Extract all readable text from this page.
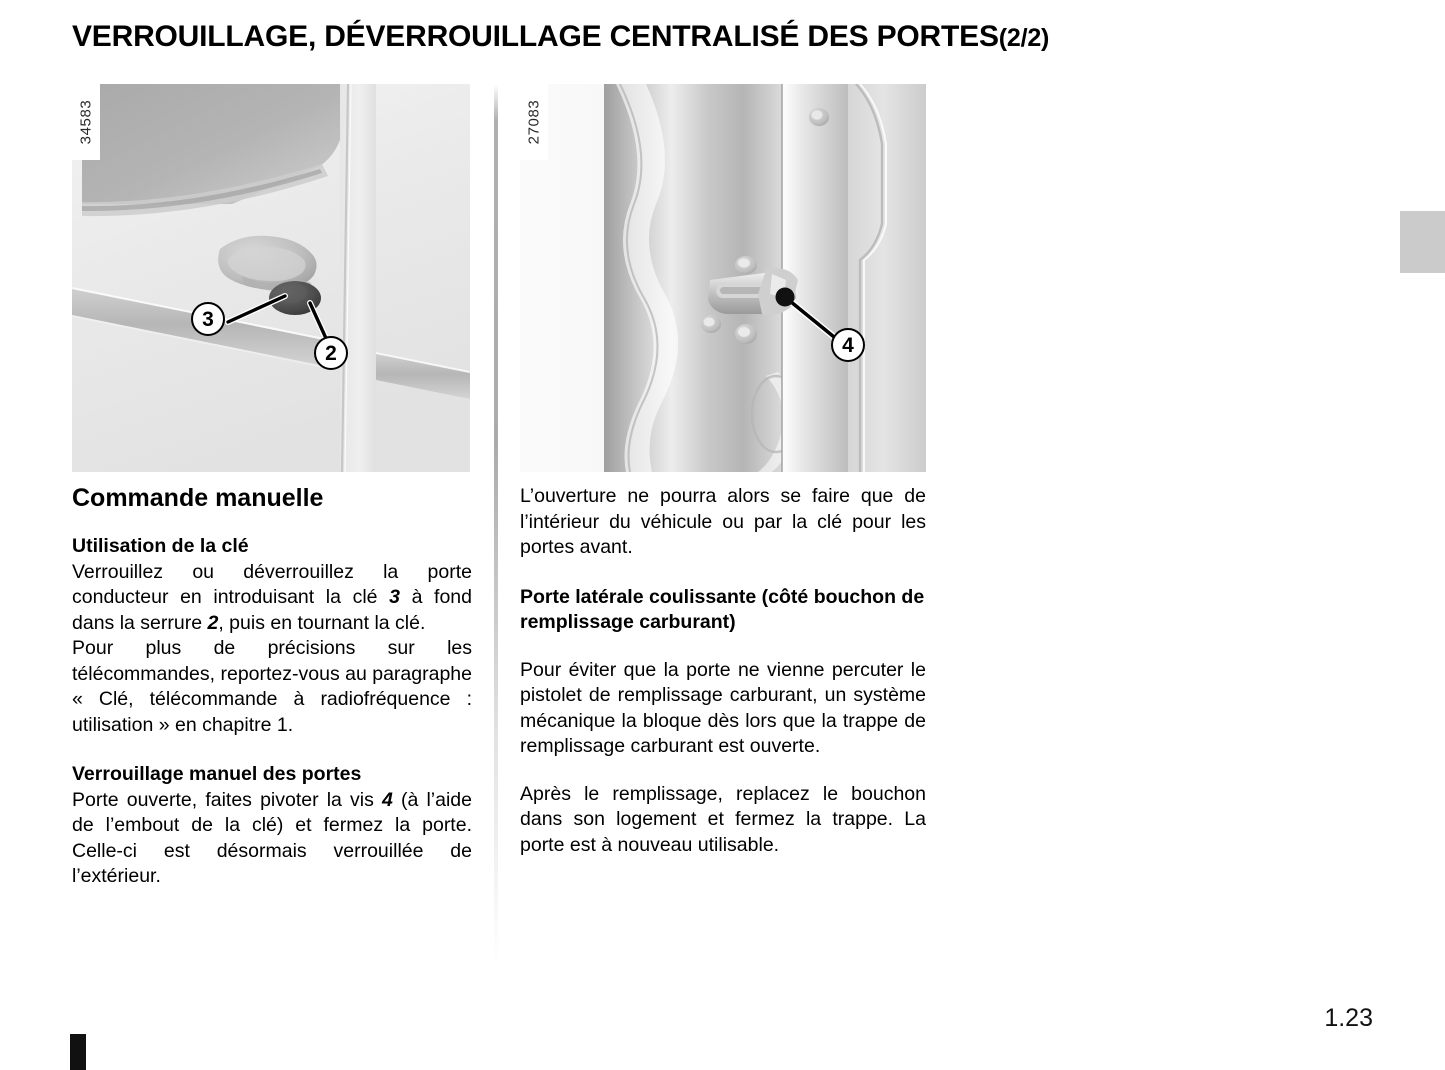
VERROUILLAGE, DÉVERROUILLAGE CENTRALISÉ DES PORTES(2/2)
34583
3
2
27083
4
Commande manuelle
Utilisation de la clé

Verrouillez ou déverrouillez la porte conducteur en introduisant la clé 3 à fond dans la serrure 2, puis en tournant la clé.

Pour plus de précisions sur les télécommandes, reportez-vous au paragraphe « Clé, télécommande à radiofréquence : utilisation » en chapitre 1.

Verrouillage manuel des portes

Porte ouverte, faites pivoter la vis 4 (à l’aide de l’embout de la clé) et fermez la porte. Celle-ci est désormais verrouillée de l’extérieur.

L’ouverture ne pourra alors se faire que de l’intérieur du véhicule ou par la clé pour les portes avant.

Porte latérale coulissante (côté bouchon de remplissage carburant)

Pour éviter que la porte ne vienne percuter le pistolet de remplissage carburant, un système mécanique la bloque dès lors que la trappe de remplissage carburant est ouverte.

Après le remplissage, replacez le bouchon dans son logement et fermez la trappe. La porte est à nouveau utilisable.

1.23
